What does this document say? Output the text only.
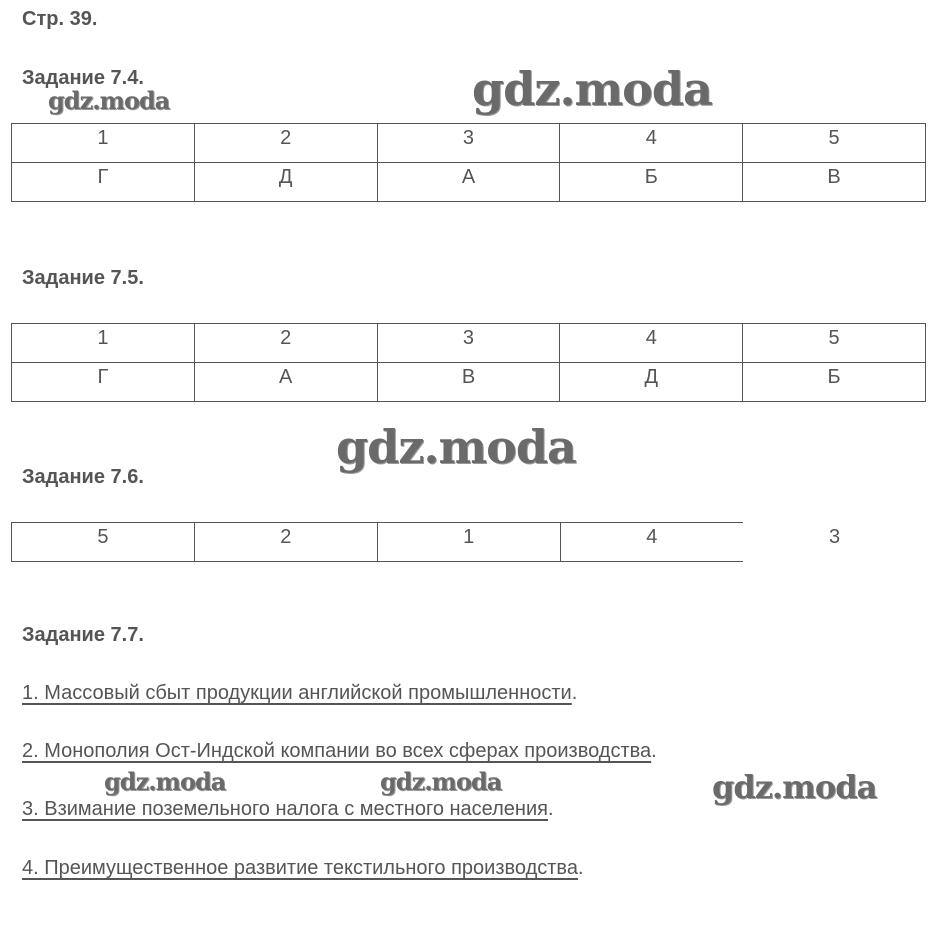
Стр. 39.
Задание 7.4.
1	2	3	4	5
Г	Д	А	Б	В
Задание 7.5.
1	2	3	4	5
Г	А	В	Д	Б
Задание 7.6.
5	2	1	4	3
Задание 7.7.
1. Массовый сбыт продукции английской промышленности.
2. Монополия Ост-Индской компании во всех сферах производства.
3. Взимание поземельного налога с местного населения.
4. Преимущественное развитие текстильного производства.
gdz.moda	gdz.moda
gdz.moda
gdz.moda	gdz.moda	gdz.moda
